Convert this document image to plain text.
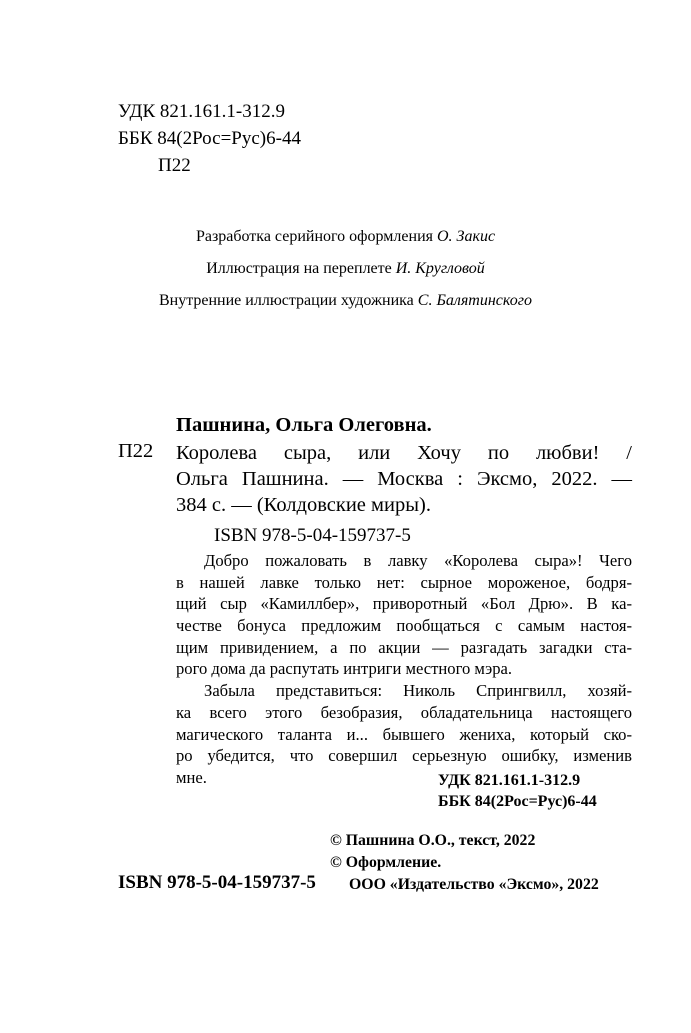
УДК 821.161.1-312.9
ББК 84(2Рос=Рус)6-44
П22
Разработка серийного оформления О. Закис
Иллюстрация на переплете И. Кругловой
Внутренние иллюстрации художника С. Балятинского
Пашнина, Ольга Олеговна.
П22 Королева сыра, или Хочу по любви! /
Ольга Пашнина. — Москва : Эксмо, 2022. —
384 с. — (Колдовские миры).
ISBN 978-5-04-159737-5
Добро пожаловать в лавку «Королева сыра»! Чего
в нашей лавке только нет: сырное мороженое, бодря-
щий сыр «Камиллбер», приворотный «Бол Дрю». В ка-
честве бонуса предложим пообщаться с самым настоя-
щим привидением, а по акции — разгадать загадки ста-
рого дома да распутать интриги местного мэра.
Забыла представиться: Николь Спрингвилл, хозяй-
ка всего этого безобразия, обладательница настоящего
магического таланта и... бывшего жениха, который ско-
ро убедится, что совершил серьезную ошибку, изменив
мне.	УДК 821.161.1-312.9
ББК 84(2Рос=Рус)6-44
© Пашнина О.О., текст, 2022
© Оформление.
ООО «Издательство «Эксмо», 2022
ISBN 978-5-04-159737-5
